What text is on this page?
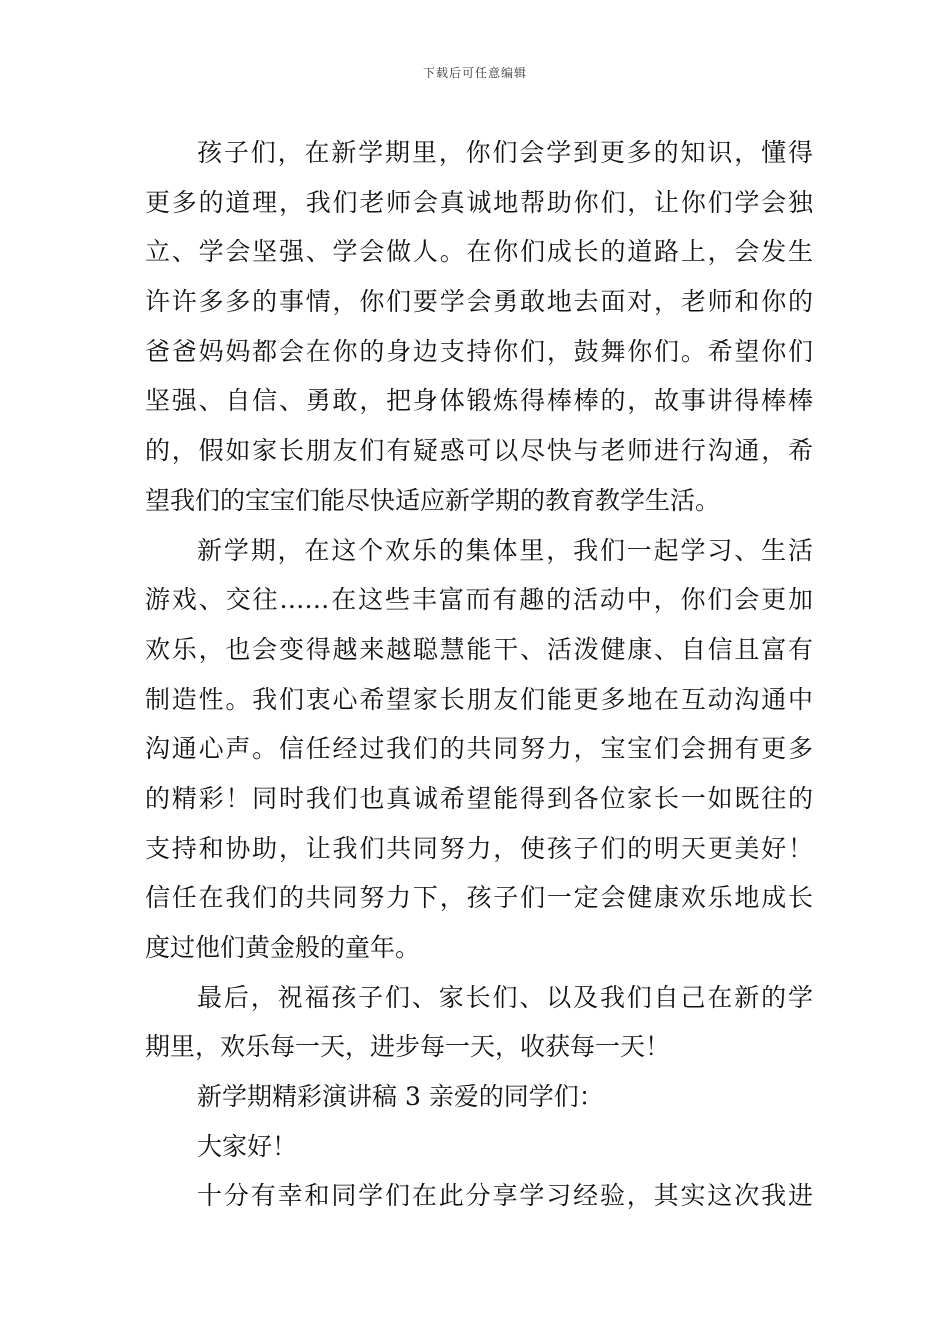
下载后可任意编辑
孩子们，在新学期里，你们会学到更多的知识，懂得
更多的道理，我们老师会真诚地帮助你们，让你们学会独
立、学会坚强、学会做人。在你们成长的道路上，会发生
许许多多的事情，你们要学会勇敢地去面对，老师和你的
爸爸妈妈都会在你的身边支持你们，鼓舞你们。希望你们
坚强、自信、勇敢，把身体锻炼得棒棒的，故事讲得棒棒
的，假如家长朋友们有疑惑可以尽快与老师进行沟通，希
望我们的宝宝们能尽快适应新学期的教育教学生活。
新学期，在这个欢乐的集体里，我们一起学习、生活
游戏、交往……在这些丰富而有趣的活动中，你们会更加
欢乐，也会变得越来越聪慧能干、活泼健康、自信且富有
制造性。我们衷心希望家长朋友们能更多地在互动沟通中
沟通心声。信任经过我们的共同努力，宝宝们会拥有更多
的精彩！同时我们也真诚希望能得到各位家长一如既往的
支持和协助，让我们共同努力，使孩子们的明天更美好！
信任在我们的共同努力下，孩子们一定会健康欢乐地成长
度过他们黄金般的童年。
最后，祝福孩子们、家长们、以及我们自己在新的学
期里，欢乐每一天，进步每一天，收获每一天！
新学期精彩演讲稿 3 亲爱的同学们：
大家好！
十分有幸和同学们在此分享学习经验，其实这次我进
